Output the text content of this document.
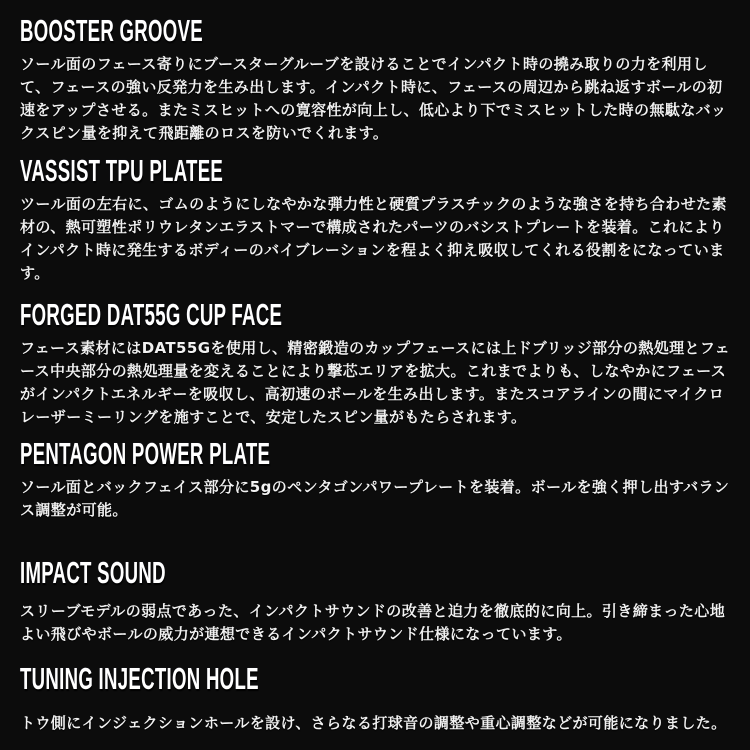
BOOSTER GROOVE

ソール面のフェース寄りにブースターグルーブを設けることでインパクト時の撓み取りの力を利用して、フェースの強い反発力を生み出します。インパクト時に、フェースの周辺から跳ね返すボールの初速をアップさせる。またミスヒットへの寛容性が向上し、低心より下でミスヒットした時の無駄なバックスピン量を抑えて飛距離のロスを防いでくれます。

VASSIST TPU PLATEE

ツール面の左右に、ゴムのようにしなやかな弾力性と硬質プラスチックのような強さを持ち合わせた素材の、熱可塑性ポリウレタンエラストマーで構成されたパーツのバシストプレートを装着。これによりインパクト時に発生するボディーのバイブレーションを程よく抑え吸収してくれる役割をになっています。

FORGED DAT55G CUP FACE

フェース素材にはDAT55Gを使用し、精密鍛造のカップフェースには上ドブリッジ部分の熱処理とフェース中央部分の熱処理量を変えることにより撃芯エリアを拡大。これまでよりも、しなやかにフェースがインパクトエネルギーを吸収し、高初速のボールを生み出します。またスコアラインの間にマイクロレーザーミーリングを施すことで、安定したスピン量がもたらされます。

PENTAGON POWER PLATE

ソール面とバックフェイス部分に5gのペンタゴンパワープレートを装着。ボールを強く押し出すバランス調整が可能。

IMPACT SOUND

スリーブモデルの弱点であった、インパクトサウンドの改善と迫力を徹底的に向上。引き締まった心地よい飛びやボールの威力が連想できるインパクトサウンド仕様になっています。

TUNING INJECTION HOLE

トウ側にインジェクションホールを設け、さらなる打球音の調整や重心調整などが可能になりました。
